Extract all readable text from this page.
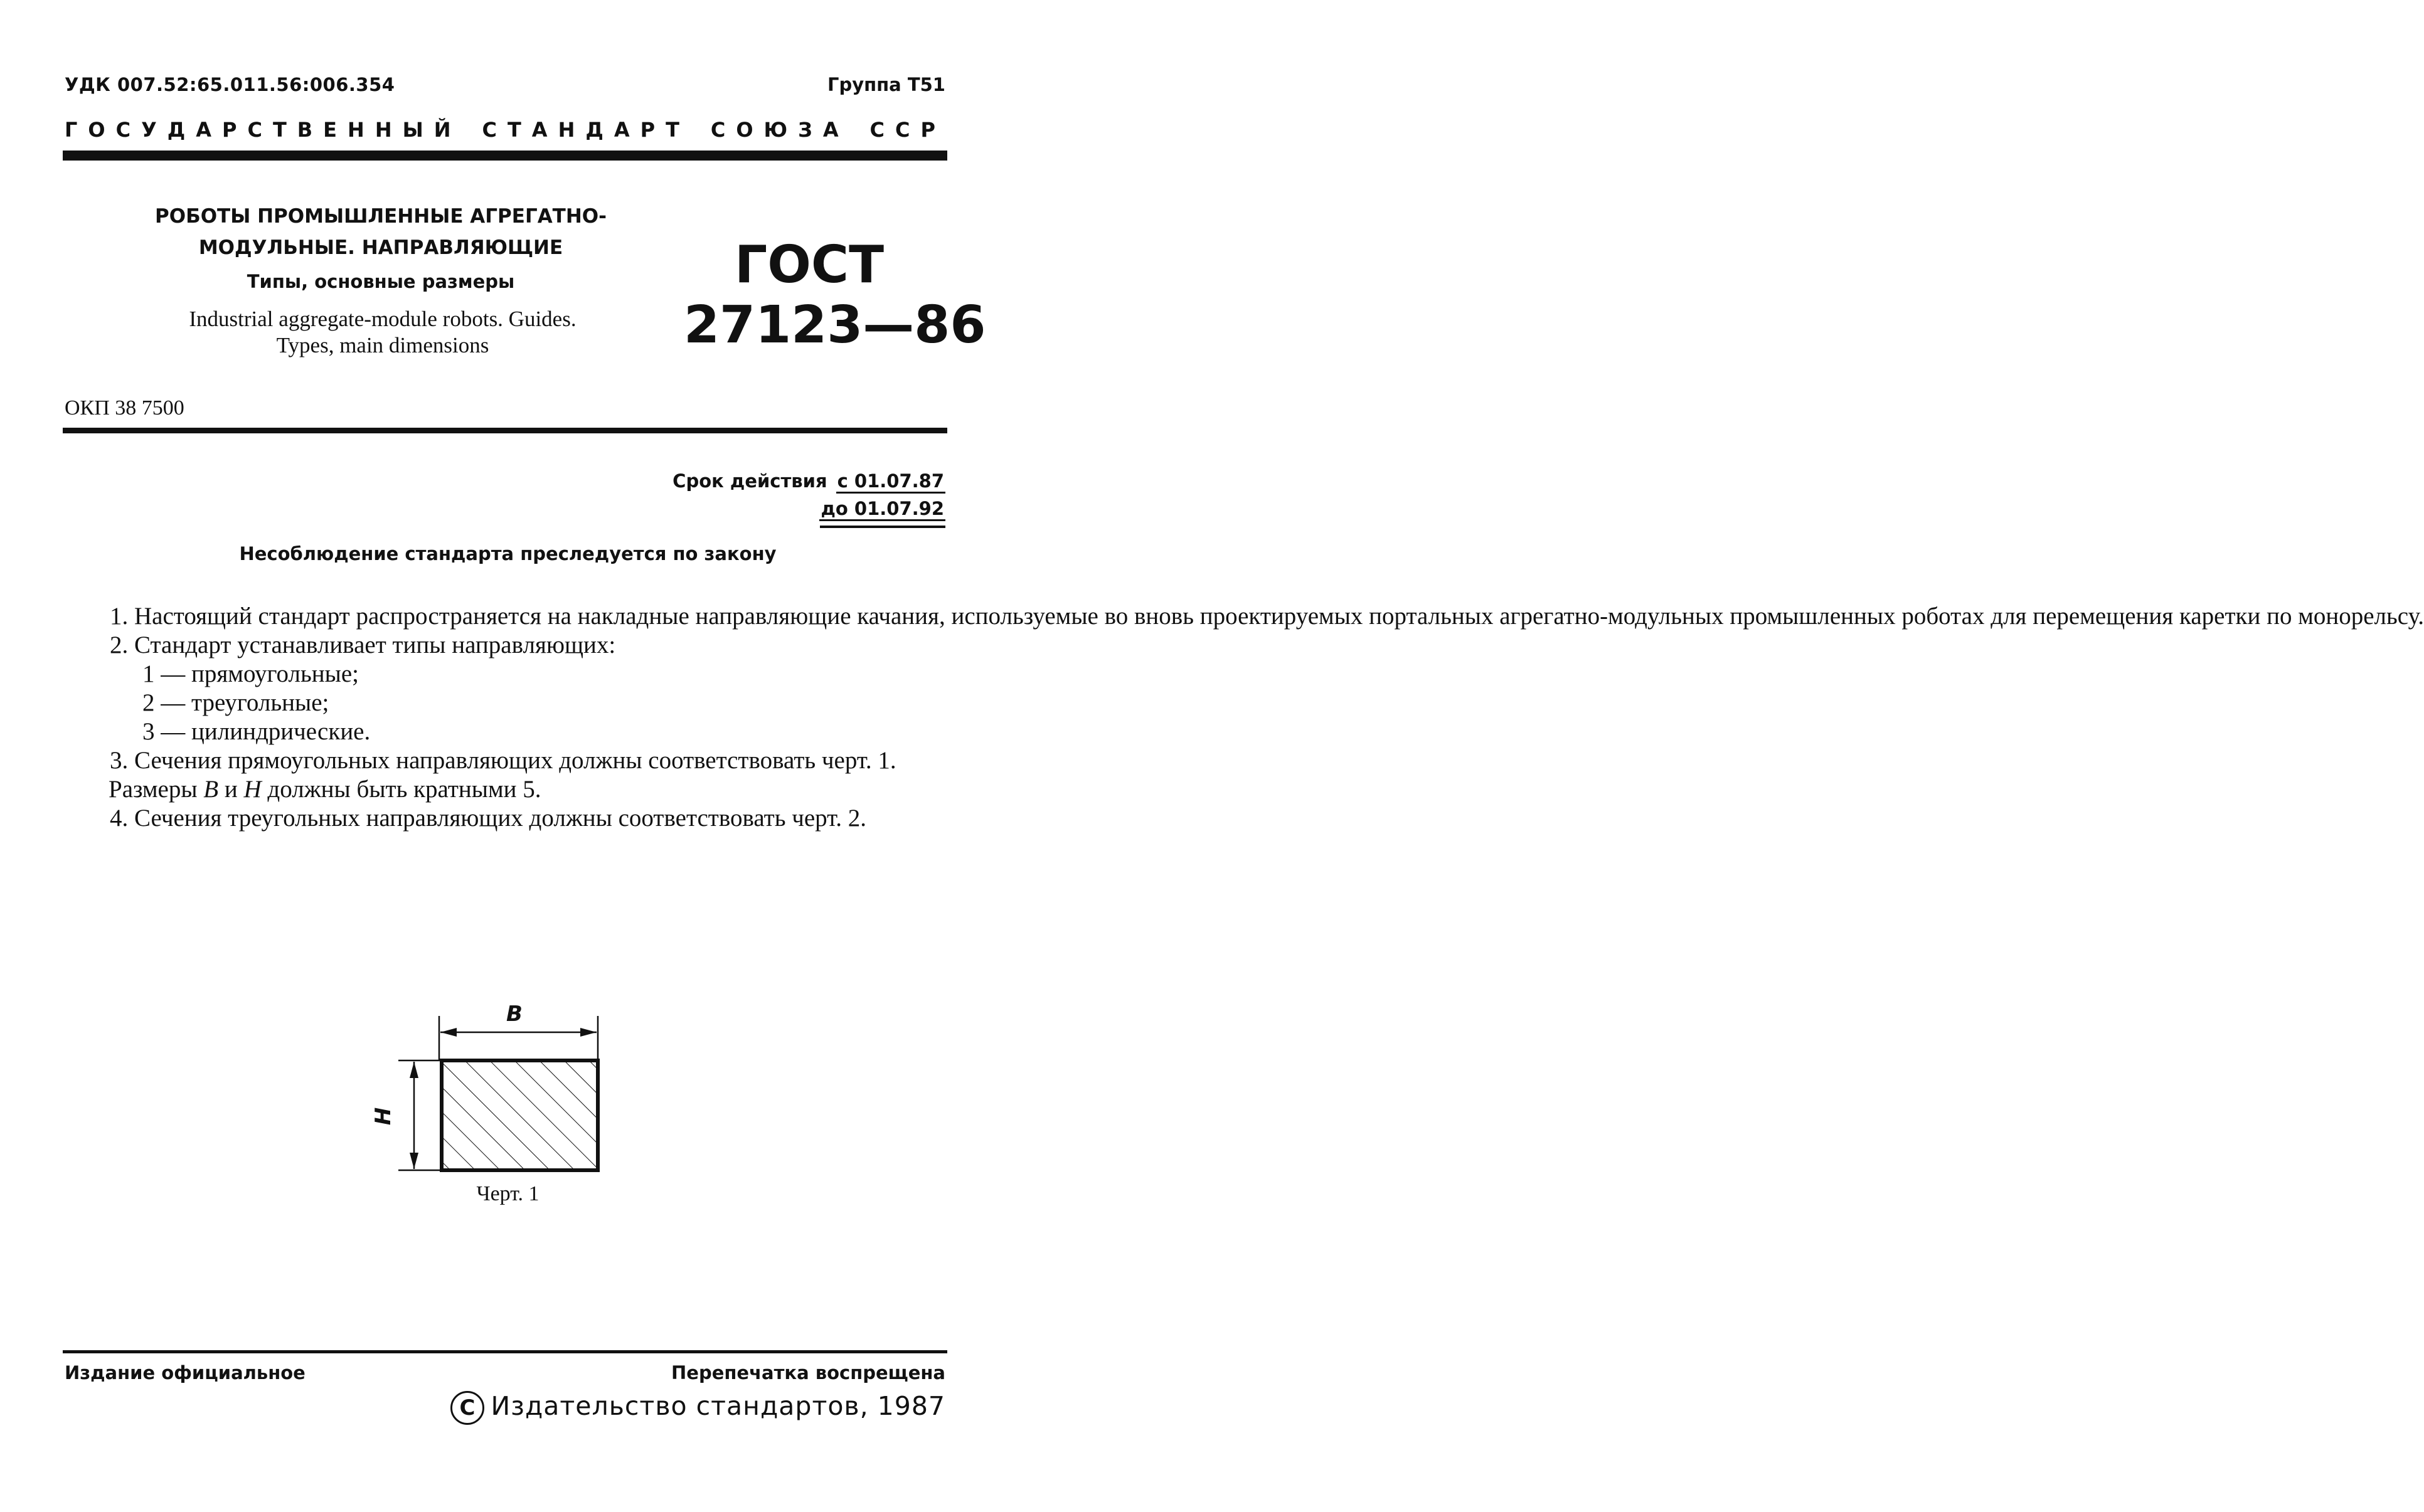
УДК 007.52:65.011.56:006.354	Группа Т51
ГОСУДАРСТВЕННЫЙ СТАНДАРТ СОЮЗА ССР
РОБОТЫ ПРОМЫШЛЕННЫЕ АГРЕГАТНО-
МОДУЛЬНЫЕ. НАПРАВЛЯЮЩИЕ
Типы, основные размеры
Industrial aggregate-module robots. Guides.
Types, main dimensions
ГОСТ
27123—86
ОКП 38 7500
Срок действия с 01.07.87
до 01.07.92
Несоблюдение стандарта преследуется по закону

1. Настоящий стандарт распространяется на накладные направляющие качания, используемые во вновь проектируемых портальных агрегатно-модульных промышленных роботах для перемещения каретки по монорельсу.

2. Стандарт устанавливает типы направляющих:

1 — прямоугольные;

2 — треугольные;

3 — цилиндрические.

3. Сечения прямоугольных направляющих должны соответствовать черт. 1.

Размеры B и H должны быть кратными 5.

4. Сечения треугольных направляющих должны соответствовать черт. 2.

B
H
Черт. 1
Издание официальное	Перепечатка воспрещена
C Издательство стандартов, 1987
